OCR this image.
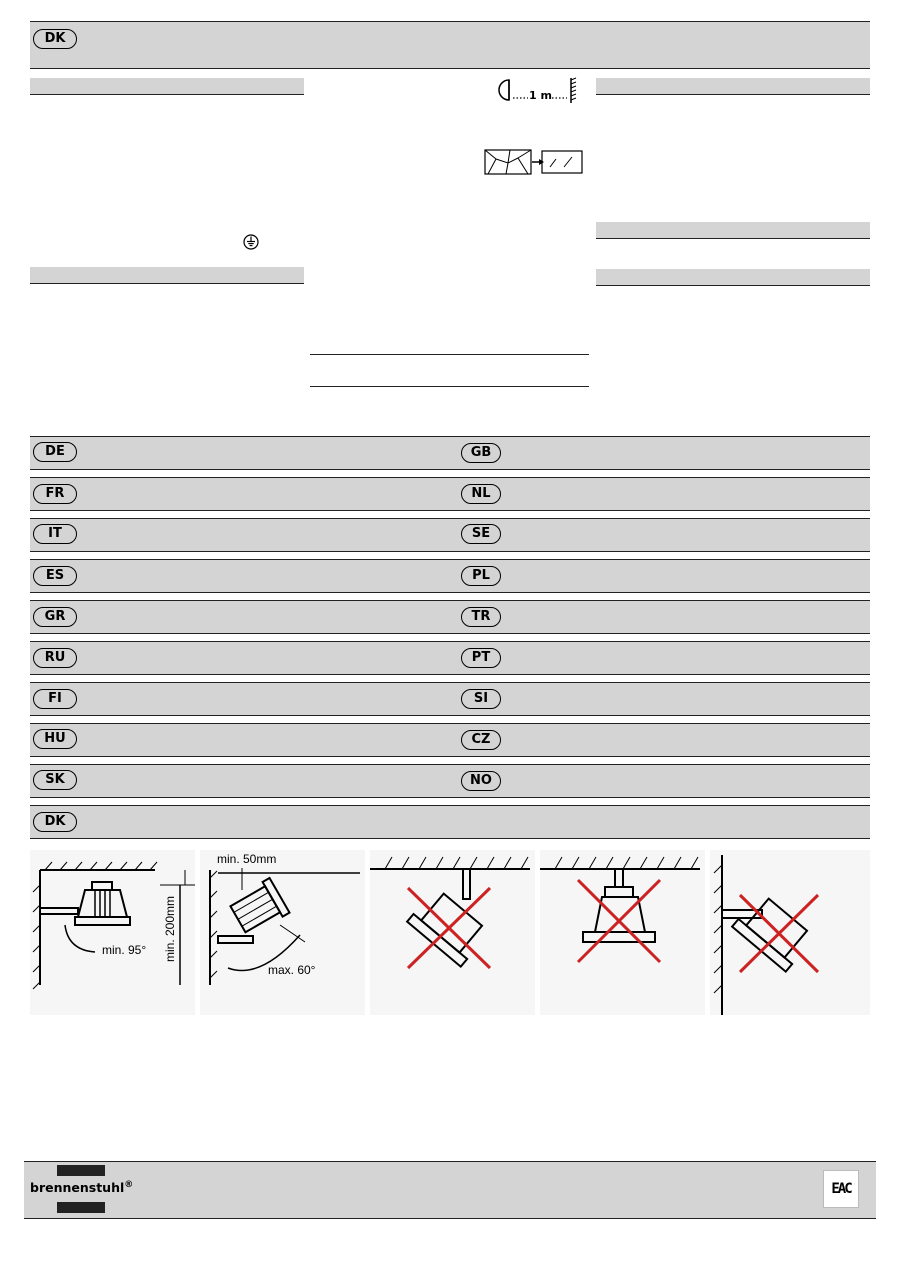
DK
1 m
DE	GB
FR	NL
IT	SE
ES	PL
GR	TR
RU	PT
FI	SI
HU	CZ
SK	NO
DK
min. 95° min. 200mm
min. 50mm
max. 60°
brennenstuhl®	EAC
